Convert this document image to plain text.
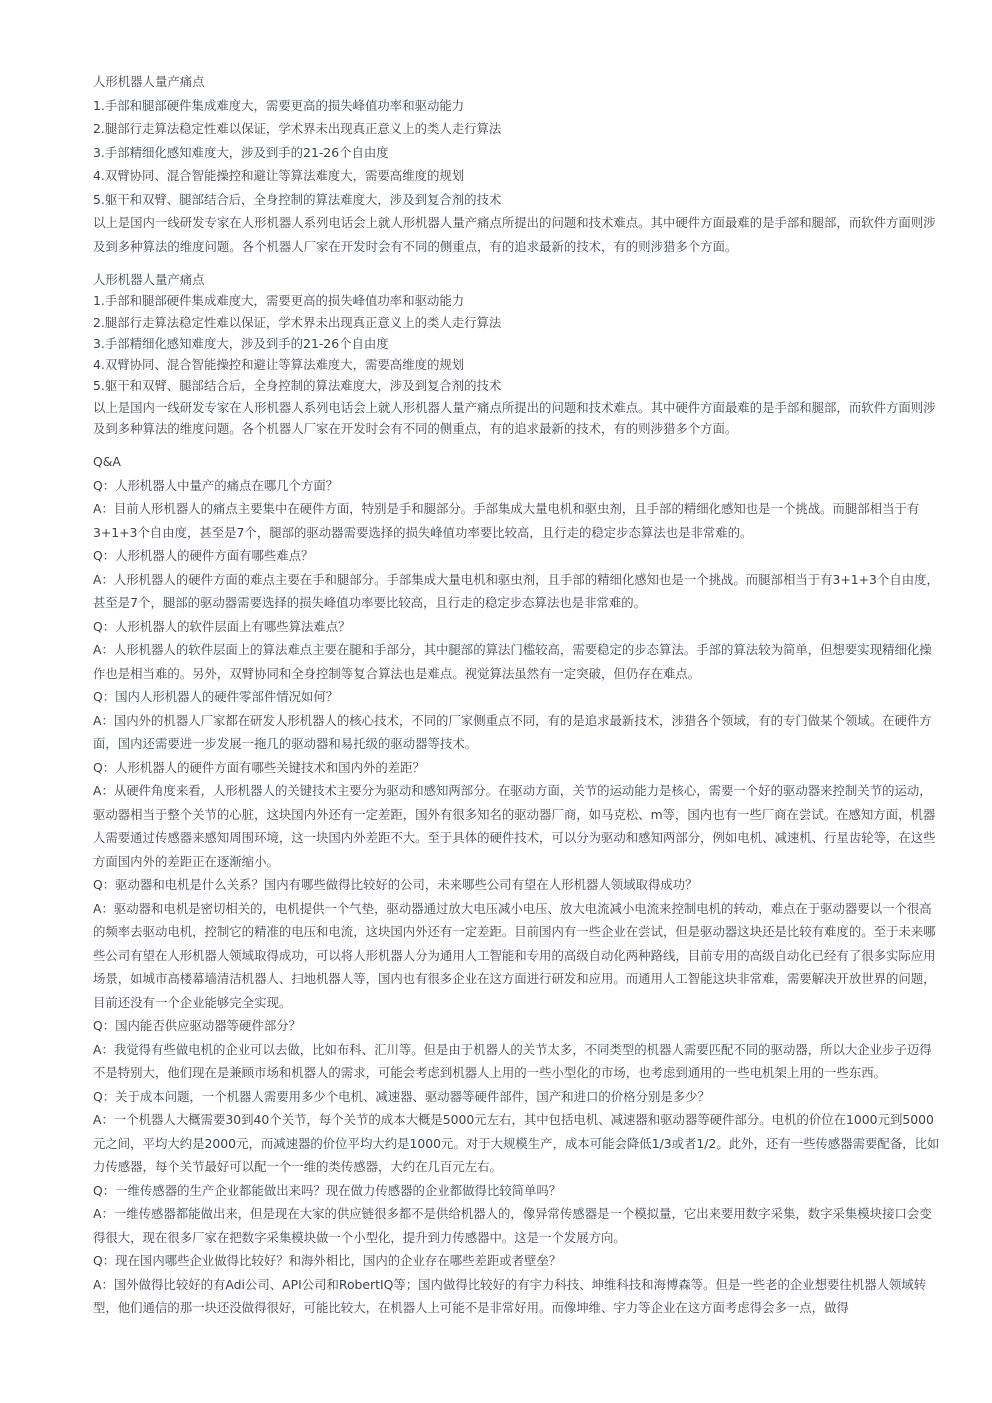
人形机器人量产痛点
1.手部和腿部硬件集成难度大，需要更高的损失峰值功率和驱动能力
2.腿部行走算法稳定性难以保证，学术界未出现真正意义上的类人走行算法
3.手部精细化感知难度大，涉及到手的21-26个自由度
4.双臂协同、混合智能操控和避让等算法难度大，需要高维度的规划
5.躯干和双臂、腿部结合后，全身控制的算法难度大，涉及到复合剂的技术
以上是国内一线研发专家在人形机器人系列电话会上就人形机器人量产痛点所提出的问题和技术难点。其中硬件方面最难的是手部和腿部，而软件方面则涉及到多种算法的维度问题。各个机器人厂家在开发时会有不同的侧重点，有的追求最新的技术，有的则涉猎多个方面。
人形机器人量产痛点
1.手部和腿部硬件集成难度大，需要更高的损失峰值功率和驱动能力
2.腿部行走算法稳定性难以保证，学术界未出现真正意义上的类人走行算法
3.手部精细化感知难度大，涉及到手的21-26个自由度
4.双臂协同、混合智能操控和避让等算法难度大，需要高维度的规划
5.躯干和双臂、腿部结合后，全身控制的算法难度大，涉及到复合剂的技术
以上是国内一线研发专家在人形机器人系列电话会上就人形机器人量产痛点所提出的问题和技术难点。其中硬件方面最难的是手部和腿部，而软件方面则涉及到多种算法的维度问题。各个机器人厂家在开发时会有不同的侧重点，有的追求最新的技术，有的则涉猎多个方面。
Q&A
Q：人形机器人中量产的痛点在哪几个方面？
A：目前人形机器人的痛点主要集中在硬件方面，特别是手和腿部分。手部集成大量电机和驱虫剂，且手部的精细化感知也是一个挑战。而腿部相当于有3+1+3个自由度，甚至是7个，腿部的驱动器需要选择的损失峰值功率要比较高，且行走的稳定步态算法也是非常难的。
Q：人形机器人的硬件方面有哪些难点？
A：人形机器人的硬件方面的难点主要在手和腿部分。手部集成大量电机和驱虫剂，且手部的精细化感知也是一个挑战。而腿部相当于有3+1+3个自由度，甚至是7个，腿部的驱动器需要选择的损失峰值功率要比较高，且行走的稳定步态算法也是非常难的。
Q：人形机器人的软件层面上有哪些算法难点？
A：人形机器人的软件层面上的算法难点主要在腿和手部分，其中腿部的算法门槛较高，需要稳定的步态算法。手部的算法较为简单，但想要实现精细化操作也是相当难的。另外，双臂协同和全身控制等复合算法也是难点。视觉算法虽然有一定突破，但仍存在难点。
Q：国内人形机器人的硬件零部件情况如何？
A：国内外的机器人厂家都在研发人形机器人的核心技术，不同的厂家侧重点不同，有的是追求最新技术，涉猎各个领域，有的专门做某个领域。在硬件方面，国内还需要进一步发展一拖几的驱动器和易托级的驱动器等技术。
Q：人形机器人的硬件方面有哪些关键技术和国内外的差距？
A：从硬件角度来看，人形机器人的关键技术主要分为驱动和感知两部分。在驱动方面，关节的运动能力是核心，需要一个好的驱动器来控制关节的运动，驱动器相当于整个关节的心脏，这块国内外还有一定差距，国外有很多知名的驱动器厂商，如马克松、m等，国内也有一些厂商在尝试。在感知方面，机器人需要通过传感器来感知周围环境，这一块国内外差距不大。至于具体的硬件技术，可以分为驱动和感知两部分，例如电机、减速机、行星齿轮等，在这些方面国内外的差距正在逐渐缩小。
Q：驱动器和电机是什么关系？国内有哪些做得比较好的公司，未来哪些公司有望在人形机器人领域取得成功？
A：驱动器和电机是密切相关的，电机提供一个气垫，驱动器通过放大电压减小电压、放大电流减小电流来控制电机的转动，难点在于驱动器要以一个很高的频率去驱动电机，控制它的精准的电压和电流，这块国内外还有一定差距。目前国内有一些企业在尝试，但是驱动器这块还是比较有难度的。至于未来哪些公司有望在人形机器人领域取得成功，可以将人形机器人分为通用人工智能和专用的高级自动化两种路线，目前专用的高级自动化已经有了很多实际应用场景，如城市高楼幕墙清洁机器人、扫地机器人等，国内也有很多企业在这方面进行研发和应用。而通用人工智能这块非常难，需要解决开放世界的问题，目前还没有一个企业能够完全实现。
Q：国内能否供应驱动器等硬件部分？
A：我觉得有些做电机的企业可以去做，比如布科、汇川等。但是由于机器人的关节太多，不同类型的机器人需要匹配不同的驱动器，所以大企业步子迈得不是特别大，他们现在是兼顾市场和机器人的需求，可能会考虑到机器人上用的一些小型化的市场，也考虑到通用的一些电机架上用的一些东西。
Q：关于成本问题，一个机器人需要用多少个电机、减速器、驱动器等硬件部件，国产和进口的价格分别是多少？
A：一个机器人大概需要30到40个关节，每个关节的成本大概是5000元左右，其中包括电机、减速器和驱动器等硬件部分。电机的价位在1000元到5000元之间，平均大约是2000元，而减速器的价位平均大约是1000元。对于大规模生产，成本可能会降低1/3或者1/2。此外，还有一些传感器需要配备，比如力传感器，每个关节最好可以配一个一维的类传感器，大约在几百元左右。
Q：一维传感器的生产企业都能做出来吗？现在做力传感器的企业都做得比较简单吗？
A：一维传感器都能做出来，但是现在大家的供应链很多都不是供给机器人的，像异常传感器是一个模拟量，它出来要用数字采集，数字采集模块接口会变得很大，现在很多厂家在把数字采集模块做一个小型化，提升到力传感器中。这是一个发展方向。
Q：现在国内哪些企业做得比较好？和海外相比，国内的企业存在哪些差距或者壁垒？
A：国外做得比较好的有Adi公司、API公司和RobertIQ等；国内做得比较好的有宇力科技、坤维科技和海博森等。但是一些老的企业想要往机器人领域转型，他们通信的那一块还没做得很好，可能比较大，在机器人上可能不是非常好用。而像坤维、宇力等企业在这方面考虑得会多一点，做得
